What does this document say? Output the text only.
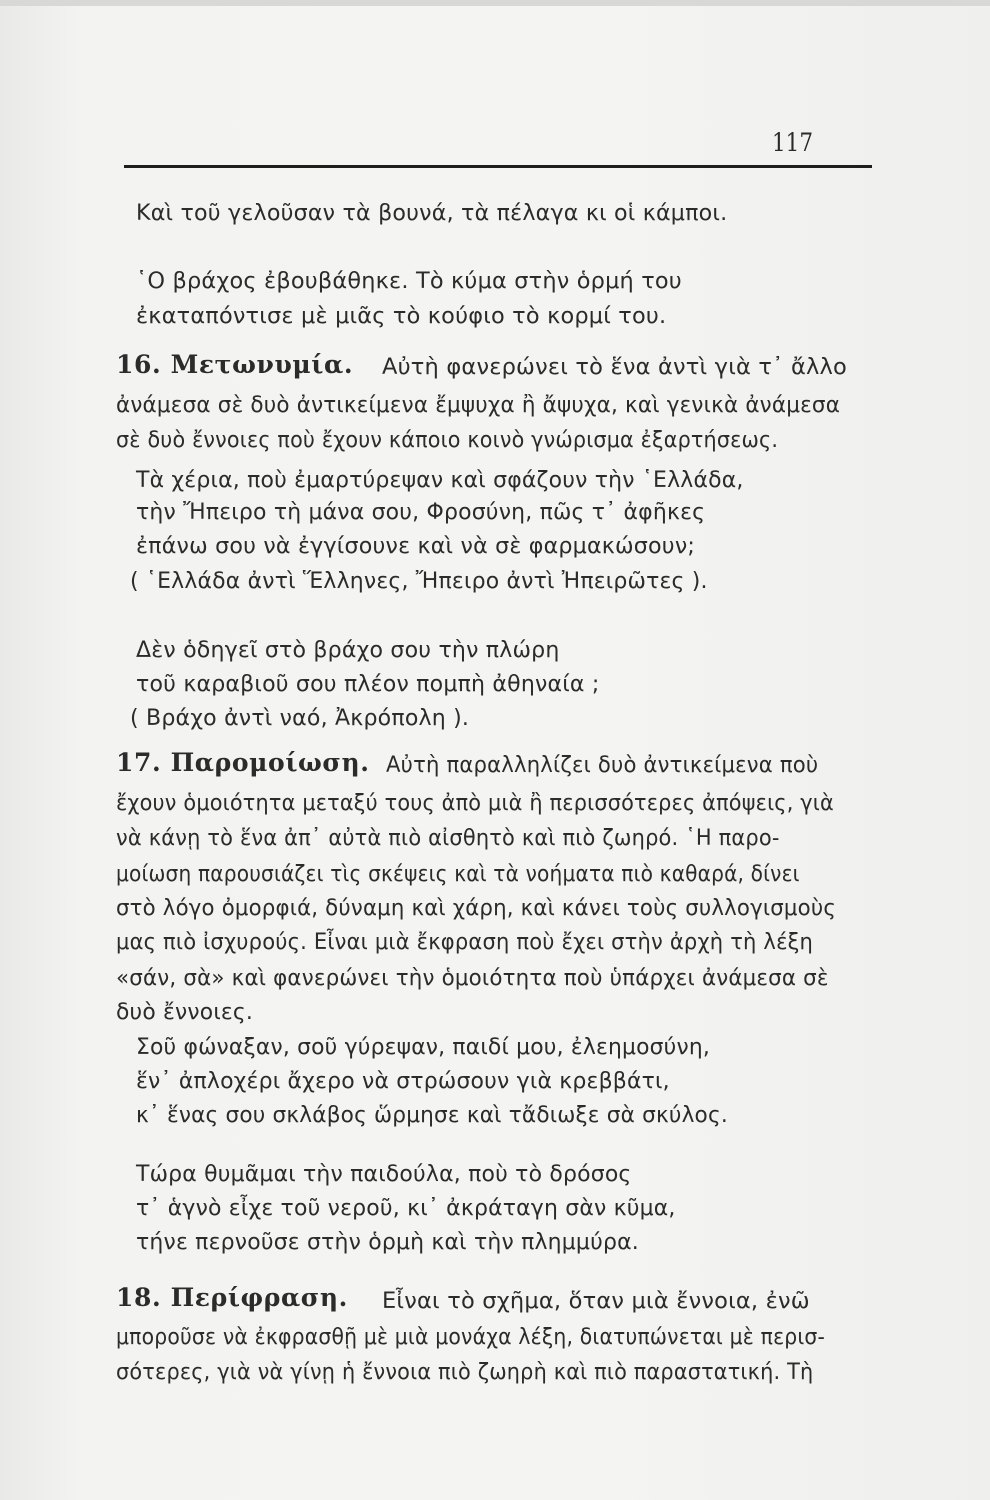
117
Καὶ τοῦ γελοῦσαν τὰ βουνά, τὰ πέλαγα κι οἱ κάμποι.
῾Ο βράχος ἐβουβάθηκε. Τὸ κύμα στὴν ὁρμή του
ἐκαταπόντισε μὲ μιᾶς τὸ κούφιο τὸ κορμί του.
16. Μετωνυμία. Αὐτὴ φανερώνει τὸ ἕνα ἀντὶ γιὰ τ᾿ ἄλλο
ἀνάμεσα σὲ δυὸ ἀντικείμενα ἔμψυχα ἢ ἄψυχα, καὶ γενικὰ ἀνάμεσα
σὲ δυὸ ἔννοιες ποὺ ἔχουν κάποιο κοινὸ γνώρισμα ἐξαρτήσεως.
Τὰ χέρια, ποὺ ἐμαρτύρεψαν καὶ σφάζουν τὴν ῾Ελλάδα,
τὴν Ἤπειρο τὴ μάνα σου, Φροσύνη, πῶς τ᾿ ἀφῆκες
ἐπάνω σου νὰ ἐγγίσουνε καὶ νὰ σὲ φαρμακώσουν;
( ῾Ελλάδα ἀντὶ Ἕλληνες, Ἤπειρο ἀντὶ Ἠπειρῶτες ).
Δὲν ὁδηγεῖ στὸ βράχο σου τὴν πλώρη
τοῦ καραβιοῦ σου πλέον πομπὴ ἀθηναία ;
( Βράχο ἀντὶ ναό, Ἀκρόπολη ).
17. Παρομοίωση. Αὐτὴ παραλληλίζει δυὸ ἀντικείμενα ποὺ
ἔχουν ὁμοιότητα μεταξύ τους ἀπὸ μιὰ ἢ περισσότερες ἀπόψεις, γιὰ
νὰ κάνῃ τὸ ἕνα ἀπ᾿ αὐτὰ πιὸ αἰσθητὸ καὶ πιὸ ζωηρό. ῾Η παρο-
μοίωση παρουσιάζει τὶς σκέψεις καὶ τὰ νοήματα πιὸ καθαρά, δίνει
στὸ λόγο ὀμορφιά, δύναμη καὶ χάρη, καὶ κάνει τοὺς συλλογισμοὺς
μας πιὸ ἰσχυρούς. Εἶναι μιὰ ἔκφραση ποὺ ἔχει στὴν ἀρχὴ τὴ λέξη
«σάν, σὰ» καὶ φανερώνει τὴν ὁμοιότητα ποὺ ὑπάρχει ἀνάμεσα σὲ
δυὸ ἔννοιες.
Σοῦ φώναξαν, σοῦ γύρεψαν, παιδί μου, ἐλεημοσύνη,
ἕν᾿ ἀπλοχέρι ἄχερο νὰ στρώσουν γιὰ κρεββάτι,
κ᾿ ἕνας σου σκλάβος ὥρμησε καὶ τἄδιωξε σὰ σκύλος.
Τώρα θυμᾶμαι τὴν παιδούλα, ποὺ τὸ δρόσος
τ᾿ ἁγνὸ εἶχε τοῦ νεροῦ, κι᾿ ἀκράταγη σὰν κῦμα,
τήνε περνοῦσε στὴν ὁρμὴ καὶ τὴν πλημμύρα.
18. Περίφραση. Εἶναι τὸ σχῆμα, ὅταν μιὰ ἔννοια, ἐνῶ
μποροῦσε νὰ ἐκφρασθῇ μὲ μιὰ μονάχα λέξη, διατυπώνεται μὲ περισ-
σότερες, γιὰ νὰ γίνῃ ἡ ἔννοια πιὸ ζωηρὴ καὶ πιὸ παραστατική. Τὴ
